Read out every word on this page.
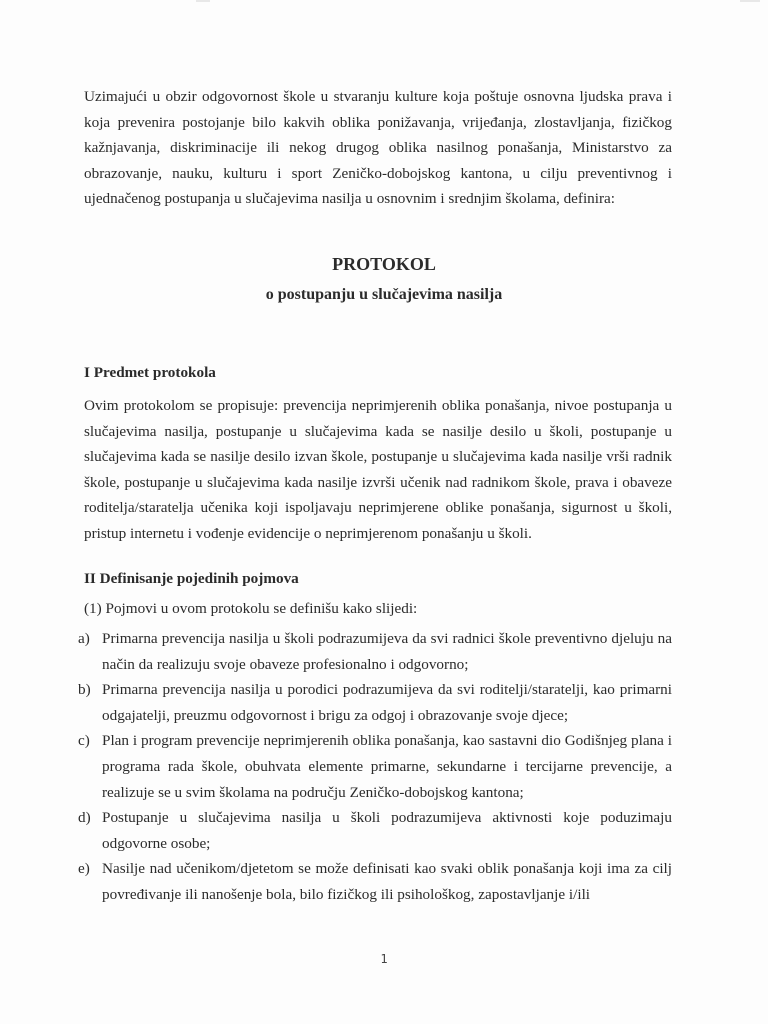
Uzimajući u obzir odgovornost škole u stvaranju kulture koja poštuje osnovna ljudska prava i koja prevenira postojanje bilo kakvih oblika ponižavanja, vrijeđanja, zlostavljanja, fizičkog kažnjavanja, diskriminacije ili nekog drugog oblika nasilnog ponašanja, Ministarstvo za obrazovanje, nauku, kulturu i sport Zeničko-dobojskog kantona, u cilju preventivnog i ujednačenog postupanja u slučajevima nasilja u osnovnim i srednjim školama, definira:

PROTOKOL
o postupanju u slučajevima nasilja
I Predmet protokola

Ovim protokolom se propisuje: prevencija neprimjerenih oblika ponašanja, nivoe postupanja u slučajevima nasilja, postupanje u slučajevima kada se nasilje desilo u školi, postupanje u slučajevima kada se nasilje desilo izvan škole, postupanje u slučajevima kada nasilje vrši radnik škole, postupanje u slučajevima kada nasilje izvrši učenik nad radnikom škole, prava i obaveze roditelja/staratelja učenika koji ispoljavaju neprimjerene oblike ponašanja, sigurnost u školi, pristup internetu i vođenje evidencije o neprimjerenom ponašanju u školi.

II Definisanje pojedinih pojmova

(1) Pojmovi u ovom protokolu se definišu kako slijedi:

a) Primarna prevencija nasilja u školi podrazumijeva da svi radnici škole preventivno djeluju na način da realizuju svoje obaveze profesionalno i odgovorno;
b) Primarna prevencija nasilja u porodici podrazumijeva da svi roditelji/staratelji, kao primarni odgajatelji, preuzmu odgovornost i brigu za odgoj i obrazovanje svoje djece;
c) Plan i program prevencije neprimjerenih oblika ponašanja, kao sastavni dio Godišnjeg plana i programa rada škole, obuhvata elemente primarne, sekundarne i tercijarne prevencije, a realizuje se u svim školama na području Zeničko-dobojskog kantona;
d) Postupanje u slučajevima nasilja u školi podrazumijeva aktivnosti koje poduzimaju odgovorne osobe;
e) Nasilje nad učenikom/djetetom se može definisati kao svaki oblik ponašanja koji ima za cilj povređivanje ili nanošenje bola, bilo fizičkog ili psihološkog, zapostavljanje i/ili
1
